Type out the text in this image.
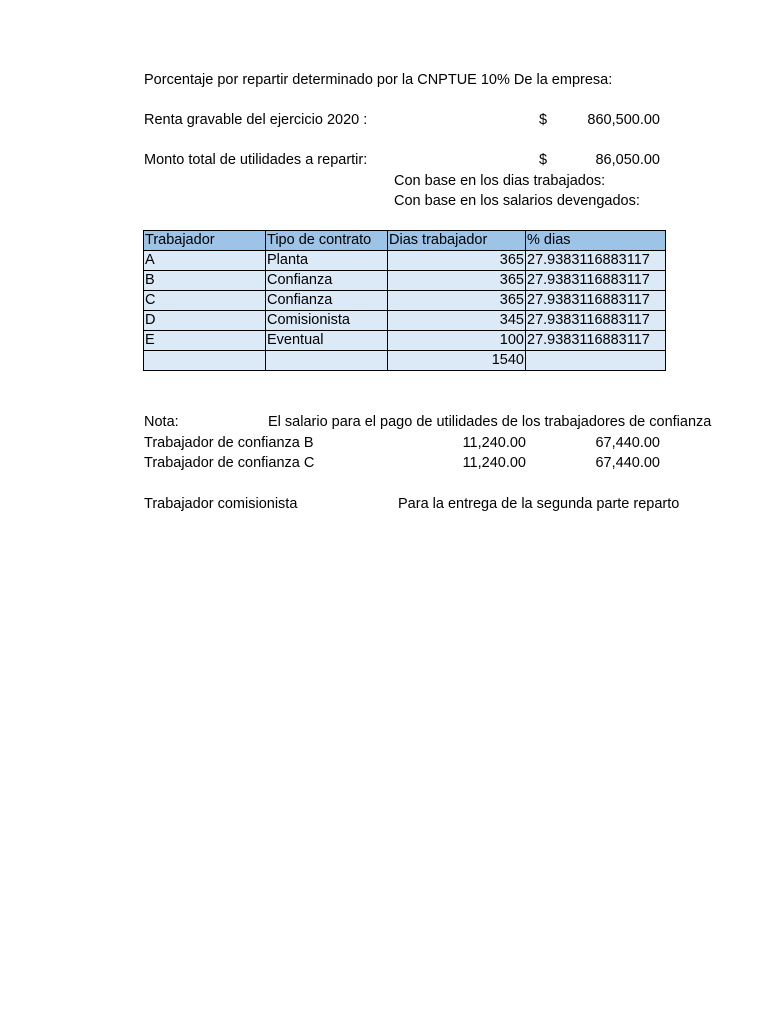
Porcentaje por repartir determinado por la CNPTUE 10% De la empresa:
Renta gravable del ejercicio 2020 :	$	860,500.00
Monto total de utilidades a repartir:	$	86,050.00
Con base en los dias trabajados:
Con base en los salarios devengados:
Trabajador	Tipo de contrato	Dias trabajador	% dias
A	Planta	365	27.9383116883117
B	Confianza	365	27.9383116883117
C	Confianza	365	27.9383116883117
D	Comisionista	345	27.9383116883117
E	Eventual	100	27.9383116883117
		1540	
Nota:	El salario para el pago de utilidades de los trabajadores de confianza
Trabajador de confianza B	11,240.00	67,440.00
Trabajador de confianza C	11,240.00	67,440.00
Trabajador comisionista	Para la entrega de la segunda parte reparto
